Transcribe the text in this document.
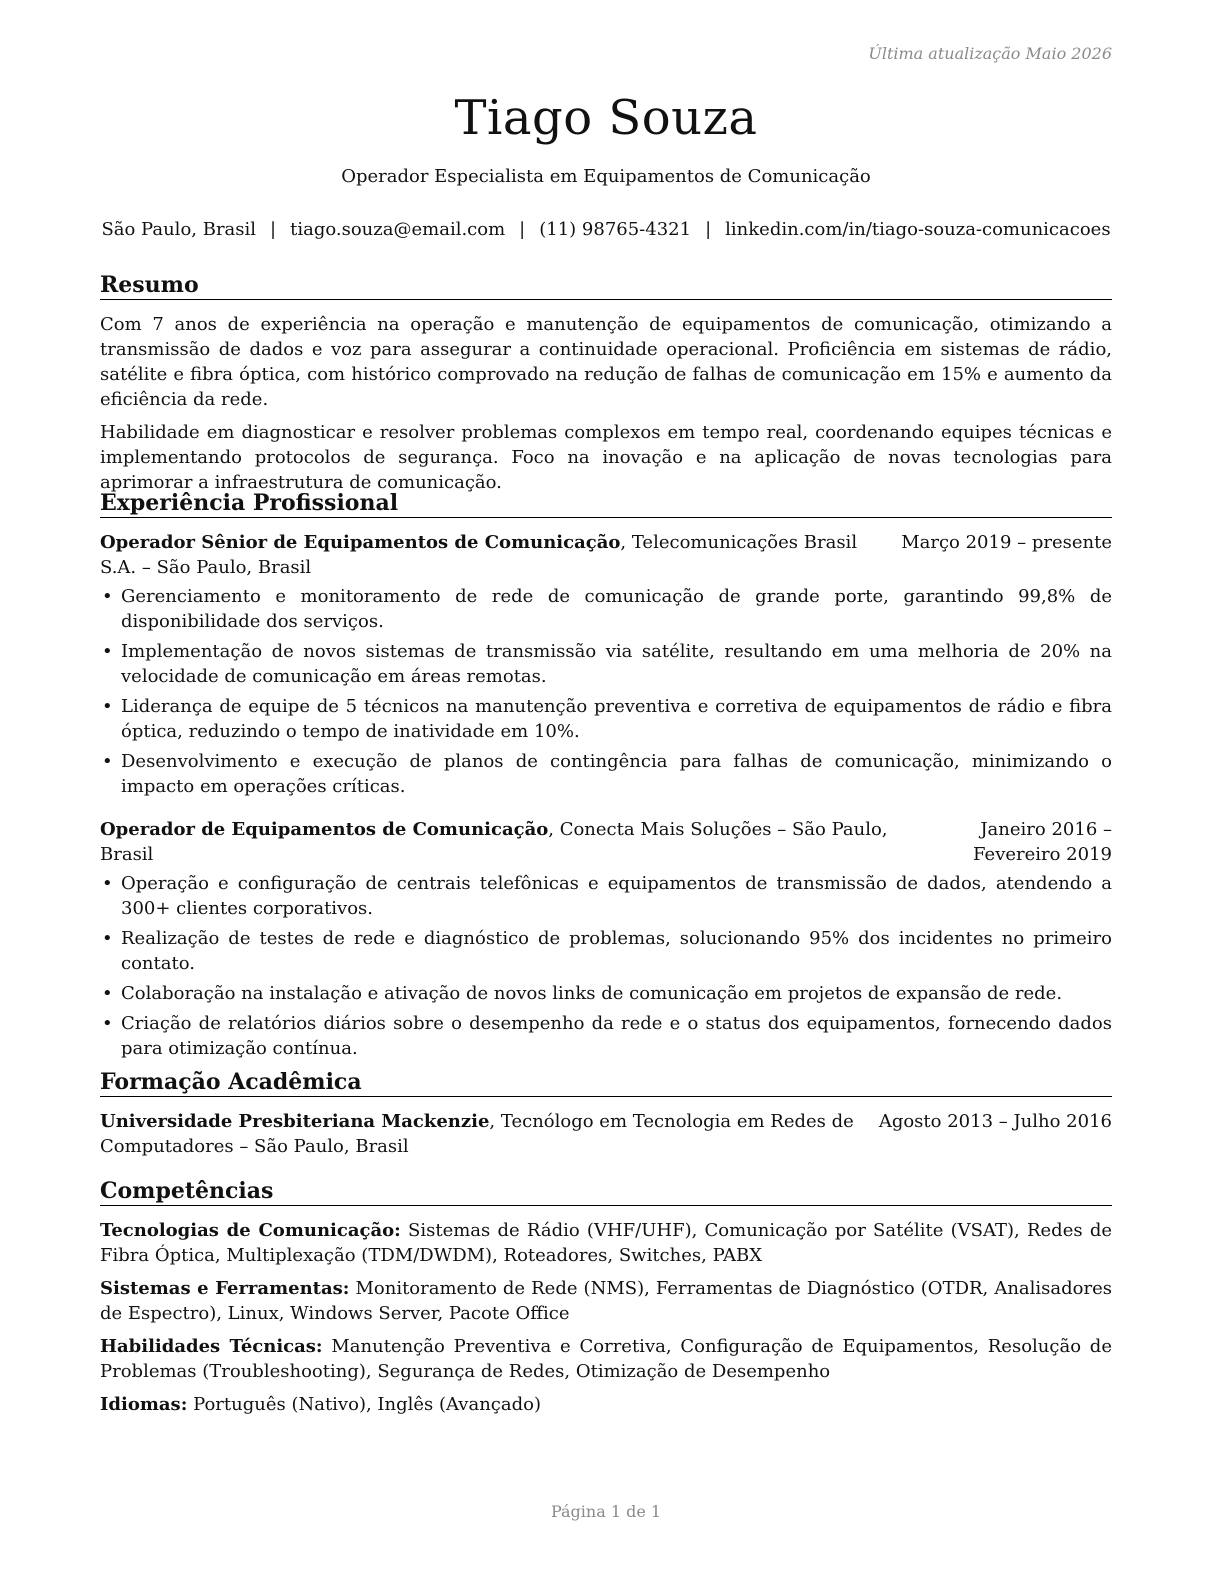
Última atualização Maio 2026
Tiago Souza
Operador Especialista em Equipamentos de Comunicação
São Paulo, Brasil | tiago.souza@email.com | (11) 98765-4321 | linkedin.com/in/tiago-souza-comunicacoes
Resumo

Com 7 anos de experiência na operação e manutenção de equipamentos de comunicação, otimizando a transmissão de dados e voz para assegurar a continuidade operacional. Proficiência em sistemas de rádio, satélite e fibra óptica, com histórico comprovado na redução de falhas de comunicação em 15% e aumento da eficiência da rede.

Habilidade em diagnosticar e resolver problemas complexos em tempo real, coordenando equipes técnicas e implementando protocolos de segurança. Foco na inovação e na aplicação de novas tecnologias para aprimorar a infraestrutura de comunicação.

Experiência Profissional
Operador Sênior de Equipamentos de Comunicação, Telecomunicações Brasil S.A. – São Paulo, Brasil
Março 2019 – presente
• Gerenciamento e monitoramento de rede de comunicação de grande porte, garantindo 99,8% de disponibilidade dos serviços.
• Implementação de novos sistemas de transmissão via satélite, resultando em uma melhoria de 20% na velocidade de comunicação em áreas remotas.
• Liderança de equipe de 5 técnicos na manutenção preventiva e corretiva de equipamentos de rádio e fibra óptica, reduzindo o tempo de inatividade em 10%.
• Desenvolvimento e execução de planos de contingência para falhas de comunicação, minimizando o impacto em operações críticas.
Operador de Equipamentos de Comunicação, Conecta Mais Soluções – São Paulo, Brasil
Janeiro 2016 – Fevereiro 2019
• Operação e configuração de centrais telefônicas e equipamentos de transmissão de dados, atendendo a 300+ clientes corporativos.
• Realização de testes de rede e diagnóstico de problemas, solucionando 95% dos incidentes no primeiro contato.
• Colaboração na instalação e ativação de novos links de comunicação em projetos de expansão de rede.
• Criação de relatórios diários sobre o desempenho da rede e o status dos equipamentos, fornecendo dados para otimização contínua.
Formação Acadêmica
Universidade Presbiteriana Mackenzie, Tecnólogo em Tecnologia em Redes de Computadores – São Paulo, Brasil
Agosto 2013 – Julho 2016
Competências
Tecnologias de Comunicação: Sistemas de Rádio (VHF/UHF), Comunicação por Satélite (VSAT), Redes de Fibra Óptica, Multiplexação (TDM/DWDM), Roteadores, Switches, PABX
Sistemas e Ferramentas: Monitoramento de Rede (NMS), Ferramentas de Diagnóstico (OTDR, Analisadores de Espectro), Linux, Windows Server, Pacote Office
Habilidades Técnicas: Manutenção Preventiva e Corretiva, Configuração de Equipamentos, Resolução de Problemas (Troubleshooting), Segurança de Redes, Otimização de Desempenho
Idiomas: Português (Nativo), Inglês (Avançado)
Página 1 de 1
